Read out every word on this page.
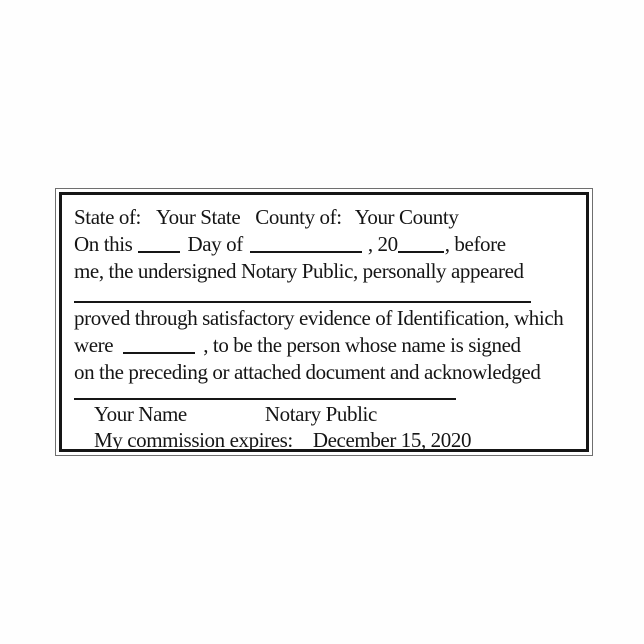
State of: Your State County of: Your County
On this	Day of	, 20 , before
me, the undersigned Notary Public, personally appeared
proved through satisfactory evidence of Identification, which
were	, to be the person whose name is signed
on the preceding or attached document and acknowledged
Your Name	Notary Public
My commission expires: December 15, 2020
